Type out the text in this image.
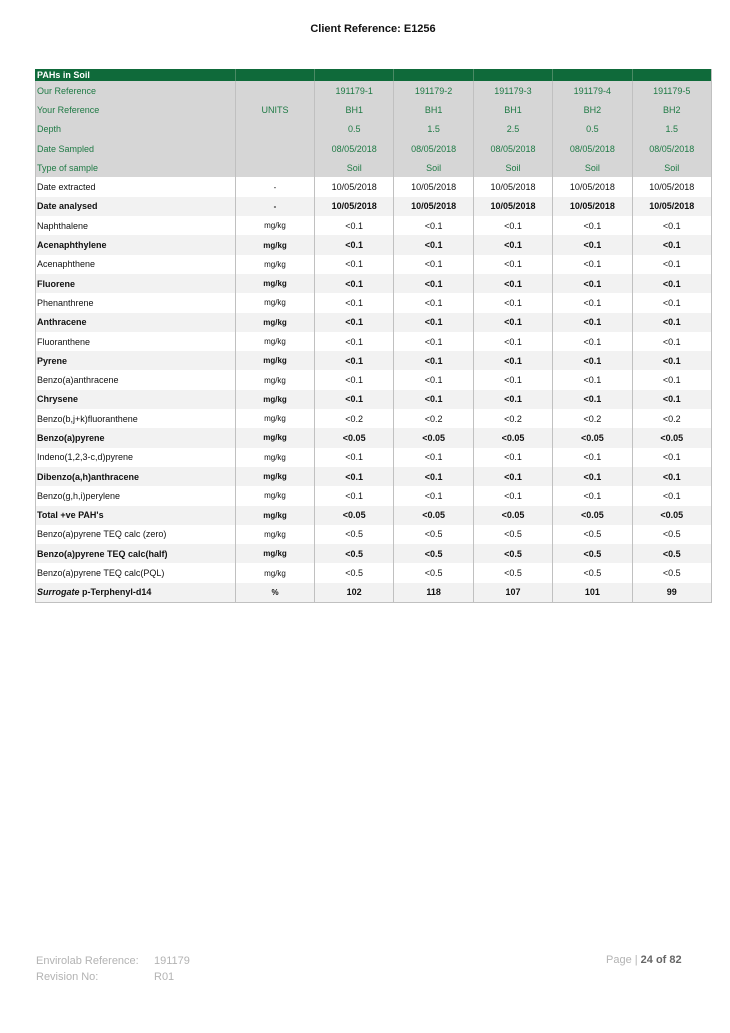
Client Reference: E1256
PAHs in Soil						
Our Reference		191179-1	191179-2	191179-3	191179-4	191179-5
Your Reference	UNITS	BH1	BH1	BH1	BH2	BH2
Depth		0.5	1.5	2.5	0.5	1.5
Date Sampled		08/05/2018	08/05/2018	08/05/2018	08/05/2018	08/05/2018
Type of sample		Soil	Soil	Soil	Soil	Soil
Date extracted	-	10/05/2018	10/05/2018	10/05/2018	10/05/2018	10/05/2018
Date analysed	-	10/05/2018	10/05/2018	10/05/2018	10/05/2018	10/05/2018
Naphthalene	mg/kg	<0.1	<0.1	<0.1	<0.1	<0.1
Acenaphthylene	mg/kg	<0.1	<0.1	<0.1	<0.1	<0.1
Acenaphthene	mg/kg	<0.1	<0.1	<0.1	<0.1	<0.1
Fluorene	mg/kg	<0.1	<0.1	<0.1	<0.1	<0.1
Phenanthrene	mg/kg	<0.1	<0.1	<0.1	<0.1	<0.1
Anthracene	mg/kg	<0.1	<0.1	<0.1	<0.1	<0.1
Fluoranthene	mg/kg	<0.1	<0.1	<0.1	<0.1	<0.1
Pyrene	mg/kg	<0.1	<0.1	<0.1	<0.1	<0.1
Benzo(a)anthracene	mg/kg	<0.1	<0.1	<0.1	<0.1	<0.1
Chrysene	mg/kg	<0.1	<0.1	<0.1	<0.1	<0.1
Benzo(b,j+k)fluoranthene	mg/kg	<0.2	<0.2	<0.2	<0.2	<0.2
Benzo(a)pyrene	mg/kg	<0.05	<0.05	<0.05	<0.05	<0.05
Indeno(1,2,3-c,d)pyrene	mg/kg	<0.1	<0.1	<0.1	<0.1	<0.1
Dibenzo(a,h)anthracene	mg/kg	<0.1	<0.1	<0.1	<0.1	<0.1
Benzo(g,h,i)perylene	mg/kg	<0.1	<0.1	<0.1	<0.1	<0.1
Total +ve PAH's	mg/kg	<0.05	<0.05	<0.05	<0.05	<0.05
Benzo(a)pyrene TEQ calc (zero)	mg/kg	<0.5	<0.5	<0.5	<0.5	<0.5
Benzo(a)pyrene TEQ calc(half)	mg/kg	<0.5	<0.5	<0.5	<0.5	<0.5
Benzo(a)pyrene TEQ calc(PQL)	mg/kg	<0.5	<0.5	<0.5	<0.5	<0.5
Surrogate p-Terphenyl-d14	%	102	118	107	101	99
Envirolab Reference: 191179
Revision No:	R01
Page | 24 of 82
